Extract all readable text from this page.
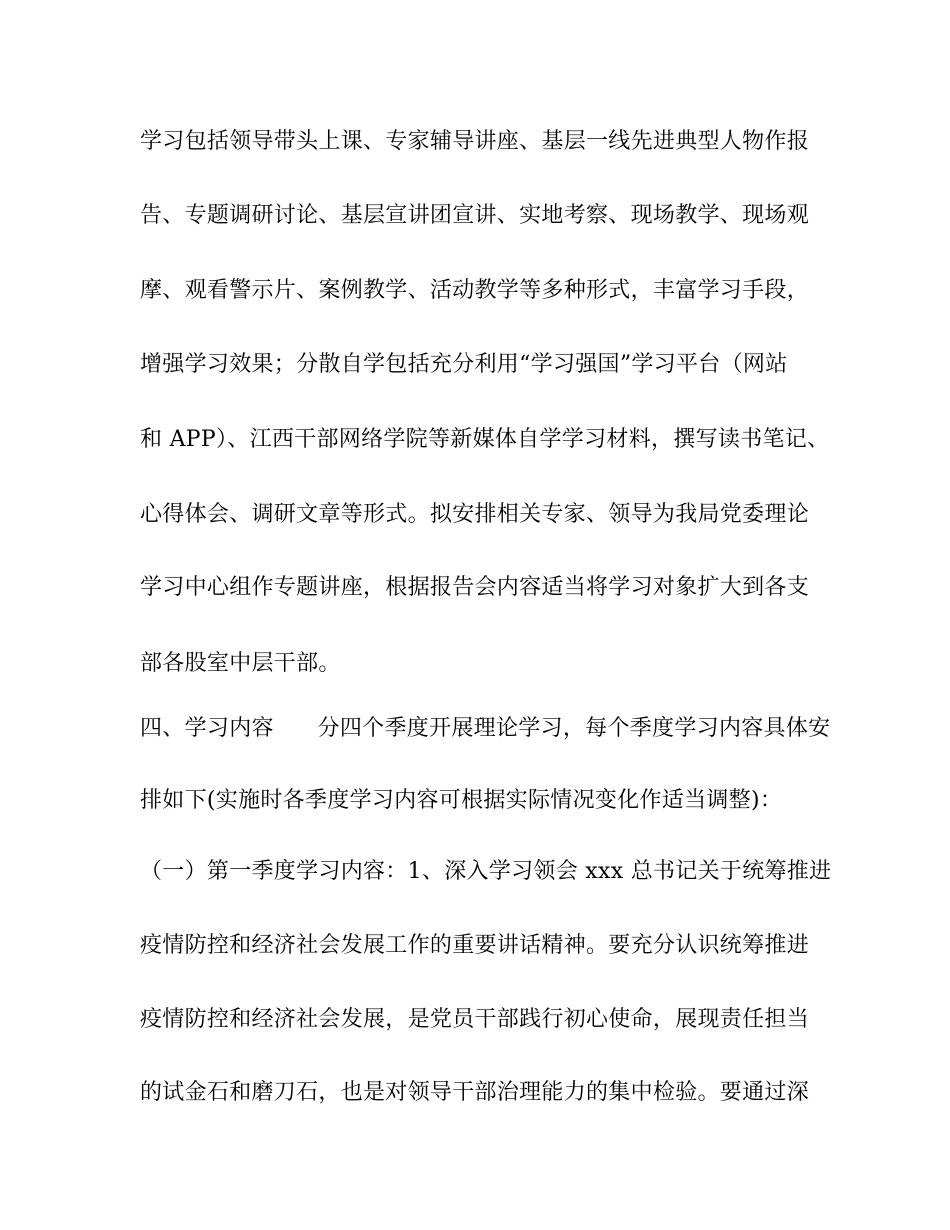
学习包括领导带头上课、专家辅导讲座、基层一线先进典型人物作报
告、专题调研讨论、基层宣讲团宣讲、实地考察、现场教学、现场观
摩、观看警示片、案例教学、活动教学等多种形式，丰富学习手段，
增强学习效果；分散自学包括充分利用“学习强国”学习平台（网站
和 APP）、江西干部网络学院等新媒体自学学习材料，撰写读书笔记、
心得体会、调研文章等形式。拟安排相关专家、领导为我局党委理论
学习中心组作专题讲座，根据报告会内容适当将学习对象扩大到各支
部各股室中层干部。
四、学习内容      分四个季度开展理论学习，每个季度学习内容具体安
排如下(实施时各季度学习内容可根据实际情况变化作适当调整)：
（一）第一季度学习内容：1、深入学习领会 xxx 总书记关于统筹推进
疫情防控和经济社会发展工作的重要讲话精神。要充分认识统筹推进
疫情防控和经济社会发展，是党员干部践行初心使命，展现责任担当
的试金石和磨刀石，也是对领导干部治理能力的集中检验。要通过深
